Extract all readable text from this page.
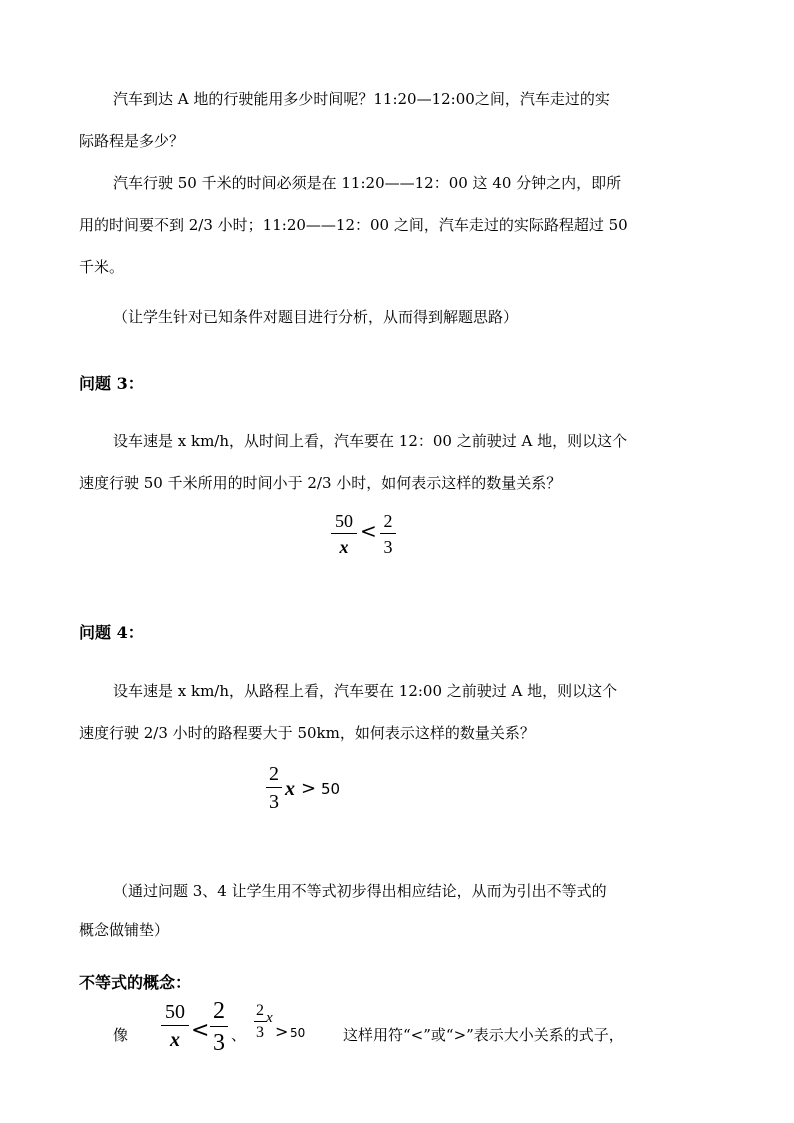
汽车到达 A 地的行驶能用多少时间呢？11:20—12:00之间，汽车走过的实
际路程是多少？
汽车行驶 50 千米的时间必须是在 11:20——12：00 这 40 分钟之内，即所
用的时间要不到 2/3 小时；11:20——12：00 之间，汽车走过的实际路程超过 50
千米。
（让学生针对已知条件对题目进行分析，从而得到解题思路）
问题 3：
设车速是 x km/h，从时间上看，汽车要在 12：00 之前驶过 A 地，则以这个
速度行驶 50 千米所用的时间小于 2/3 小时，如何表示这样的数量关系？
50
x
< 2
3
问题 4：
设车速是 x km/h，从路程上看，汽车要在 12:00 之前驶过 A 地，则以这个
速度行驶 2/3 小时的路程要大于 50km，如何表示这样的数量关系？
2
3
x > 50
（通过问题 3、4 让学生用不等式初步得出相应结论，从而为引出不等式的
概念做铺垫）
不等式的概念：
像
50
x <
2
3 、
2
3
x
> 50	这样用符“<”或“>”表示大小关系的式子，
